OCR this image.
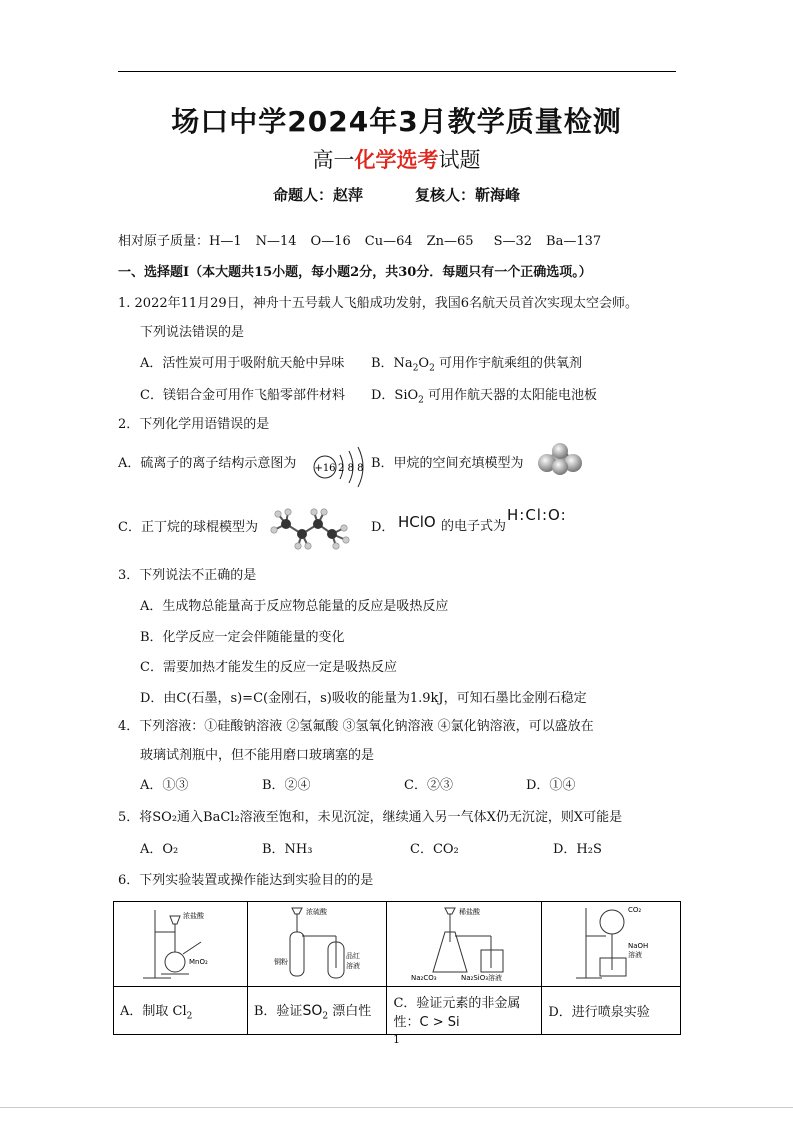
场口中学2024年3月教学质量检测
高一化学选考试题
命题人：赵萍	复核人：靳海峰
相对原子质量：H—1 N—14 O—16 Cu—64 Zn—65 S—32 Ba—137
一、选择题Ⅰ（本大题共15小题，每小题2分，共30分．每题只有一个正确选项。）
1. 2022年11月29日，神舟十五号载人飞船成功发射，我国6名航天员首次实现太空会师。
下列说法错误的是
A．活性炭可用于吸附航天舱中异味 B．$Na_2O_2$ 可用作宇航乘组的供氧剂
C．镁铝合金可用作飞船零部件材料 D．SiO$_2$ 可用作航天器的太阳能电池板
2．下列化学用语错误的是
A．硫离子的离子结构示意图为 +16 2 8 8 B．甲烷的空间充填模型为
C．正丁烷的球棍模型为	D． HClO 的电子式为
H:Cl:O:
3．下列说法不正确的是
A．生成物总能量高于反应物总能量的反应是吸热反应
B．化学反应一定会伴随能量的变化
C．需要加热才能发生的反应一定是吸热反应
D．由C(石墨，s)=C(金刚石，s)吸收的能量为1.9kJ，可知石墨比金刚石稳定
4．下列溶液：①硅酸钠溶液 ②氢氟酸 ③氢氧化钠溶液 ④氯化钠溶液，可以盛放在
玻璃试剂瓶中，但不能用磨口玻璃塞的是
A．①③	B．②④	C．②③	D．①④
5．将SO₂通入BaCl₂溶液至饱和，未见沉淀，继续通入另一气体X仍无沉淀，则X可能是
A．O₂	B．NH₃	C．CO₂	D．H₂S
6．下列实验装置或操作能达到实验目的的是
浓盐酸
MnO₂	浓硫酸
铜粉
品红
溶液	稀盐酸
Na₂CO₃ Na₂SiO₃溶液	CO₂
NaOH
溶液

A．制取 $Cl_2$	B．验证$SO_2$ 漂白性	C．验证元素的非金属
性：C > Si	D．进行喷泉实验
1
